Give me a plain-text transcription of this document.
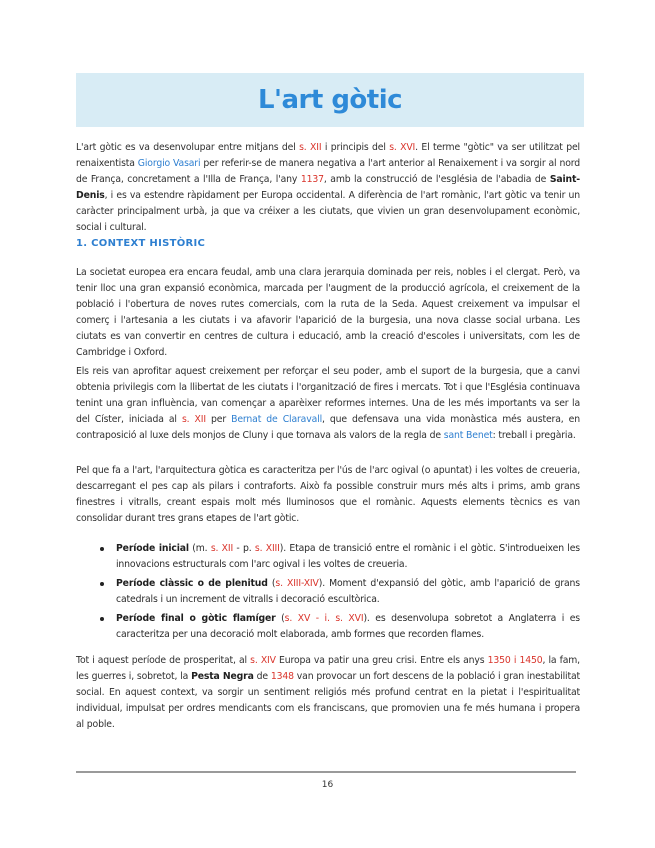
L'art gòtic
L'art gòtic es va desenvolupar entre mitjans del s. XII i principis del s. XVI. El terme "gòtic" va ser utilitzat pel renaixentista Giorgio Vasari per referir-se de manera negativa a l'art anterior al Renaixement i va sorgir al nord de França, concretament a l'Illa de França, l'any 1137, amb la construcció de l'església de l'abadia de Saint-Denis, i es va estendre ràpidament per Europa occidental. A diferència de l'art romànic, l'art gòtic va tenir un caràcter principalment urbà, ja que va créixer a les ciutats, que vivien un gran desenvolupament econòmic, social i cultural.
1. CONTEXT HISTÒRIC
La societat europea era encara feudal, amb una clara jerarquia dominada per reis, nobles i el clergat. Però, va tenir lloc una gran expansió econòmica, marcada per l'augment de la producció agrícola, el creixement de la població i l'obertura de noves rutes comercials, com la ruta de la Seda. Aquest creixement va impulsar el comerç i l'artesania a les ciutats i va afavorir l'aparició de la burgesia, una nova classe social urbana. Les ciutats es van convertir en centres de cultura i educació, amb la creació d'escoles i universitats, com les de Cambridge i Oxford.
Els reis van aprofitar aquest creixement per reforçar el seu poder, amb el suport de la burgesia, que a canvi obtenia privilegis com la llibertat de les ciutats i l'organització de fires i mercats. Tot i que l'Església continuava tenint una gran influència, van començar a aparèixer reformes internes. Una de les més importants va ser la del Císter, iniciada al s. XII per Bernat de Claravall, que defensava una vida monàstica més austera, en contraposició al luxe dels monjos de Cluny i que tornava als valors de la regla de sant Benet: treball i pregària.
Pel que fa a l'art, l'arquitectura gòtica es caracteritza per l'ús de l'arc ogival (o apuntat) i les voltes de creueria, descarregant el pes cap als pilars i contraforts. Això fa possible construir murs més alts i prims, amb grans finestres i vitralls, creant espais molt més lluminosos que el romànic. Aquests elements tècnics es van consolidar durant tres grans etapes de l'art gòtic.
Període inicial (m. s. XII - p. s. XIII). Etapa de transició entre el romànic i el gòtic. S'introdueixen les innovacions estructurals com l'arc ogival i les voltes de creueria.
Període clàssic o de plenitud (s. XIII-XIV). Moment d'expansió del gòtic, amb l'aparició de grans catedrals i un increment de vitralls i decoració escultòrica.
Període final o gòtic flamíger (s. XV - i. s. XVI). es desenvolupa sobretot a Anglaterra i es caracteritza per una decoració molt elaborada, amb formes que recorden flames.
Tot i aquest període de prosperitat, al s. XIV Europa va patir una greu crisi. Entre els anys 1350 i 1450, la fam, les guerres i, sobretot, la Pesta Negra de 1348 van provocar un fort descens de la població i gran inestabilitat social. En aquest context, va sorgir un sentiment religiós més profund centrat en la pietat i l'espiritualitat individual, impulsat per ordres mendicants com els franciscans, que promovien una fe més humana i propera al poble.
16
